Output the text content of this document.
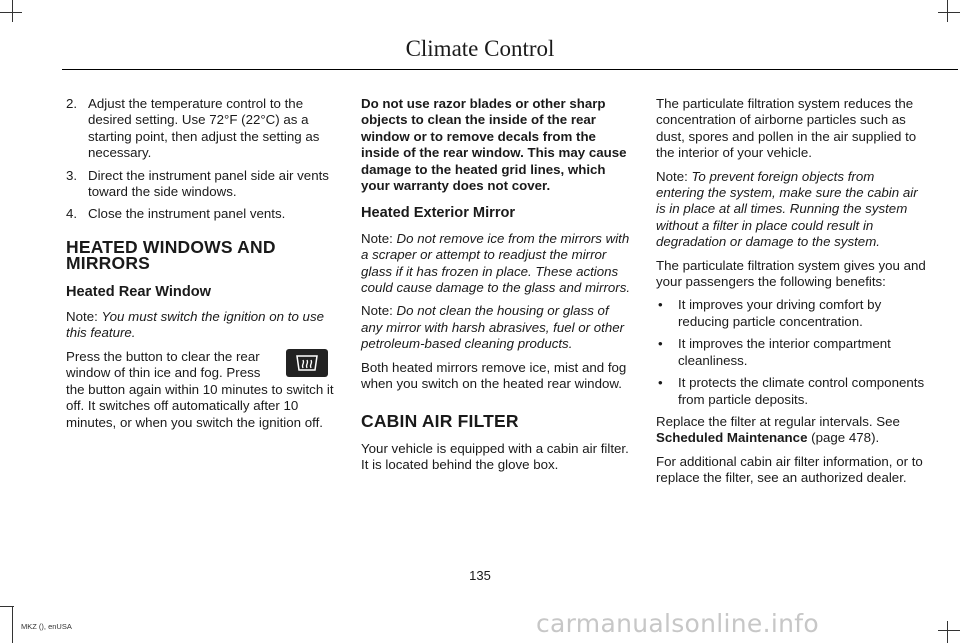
Climate Control
2. Adjust the temperature control to the desired setting. Use 72°F (22°C) as a starting point, then adjust the setting as necessary.
3. Direct the instrument panel side air vents toward the side windows.
4. Close the instrument panel vents.
HEATED WINDOWS AND MIRRORS
Heated Rear Window

Note: You must switch the ignition on to use this feature.

Press the button to clear the rear window of thin ice and fog. Press the button again within 10 minutes to switch it off. It switches off automatically after 10 minutes, or when you switch the ignition off.

Do not use razor blades or other sharp objects to clean the inside of the rear window or to remove decals from the inside of the rear window. This may cause damage to the heated grid lines, which your warranty does not cover.

Heated Exterior Mirror

Note: Do not remove ice from the mirrors with a scraper or attempt to readjust the mirror glass if it has frozen in place. These actions could cause damage to the glass and mirrors.

Note: Do not clean the housing or glass of any mirror with harsh abrasives, fuel or other petroleum-based cleaning products.

Both heated mirrors remove ice, mist and fog when you switch on the heated rear window.

CABIN AIR FILTER

Your vehicle is equipped with a cabin air filter. It is located behind the glove box.

The particulate filtration system reduces the concentration of airborne particles such as dust, spores and pollen in the air supplied to the interior of your vehicle.

Note: To prevent foreign objects from entering the system, make sure the cabin air is in place at all times. Running the system without a filter in place could result in degradation or damage to the system.

The particulate filtration system gives you and your passengers the following benefits:

•	It improves your driving comfort by reducing particle concentration.
•	It improves the interior compartment cleanliness.
•	It protects the climate control components from particle deposits.

Replace the filter at regular intervals. See Scheduled Maintenance (page 478).

For additional cabin air filter information, or to replace the filter, see an authorized dealer.

135
MKZ (), enUSA	carmanualsonline.info
